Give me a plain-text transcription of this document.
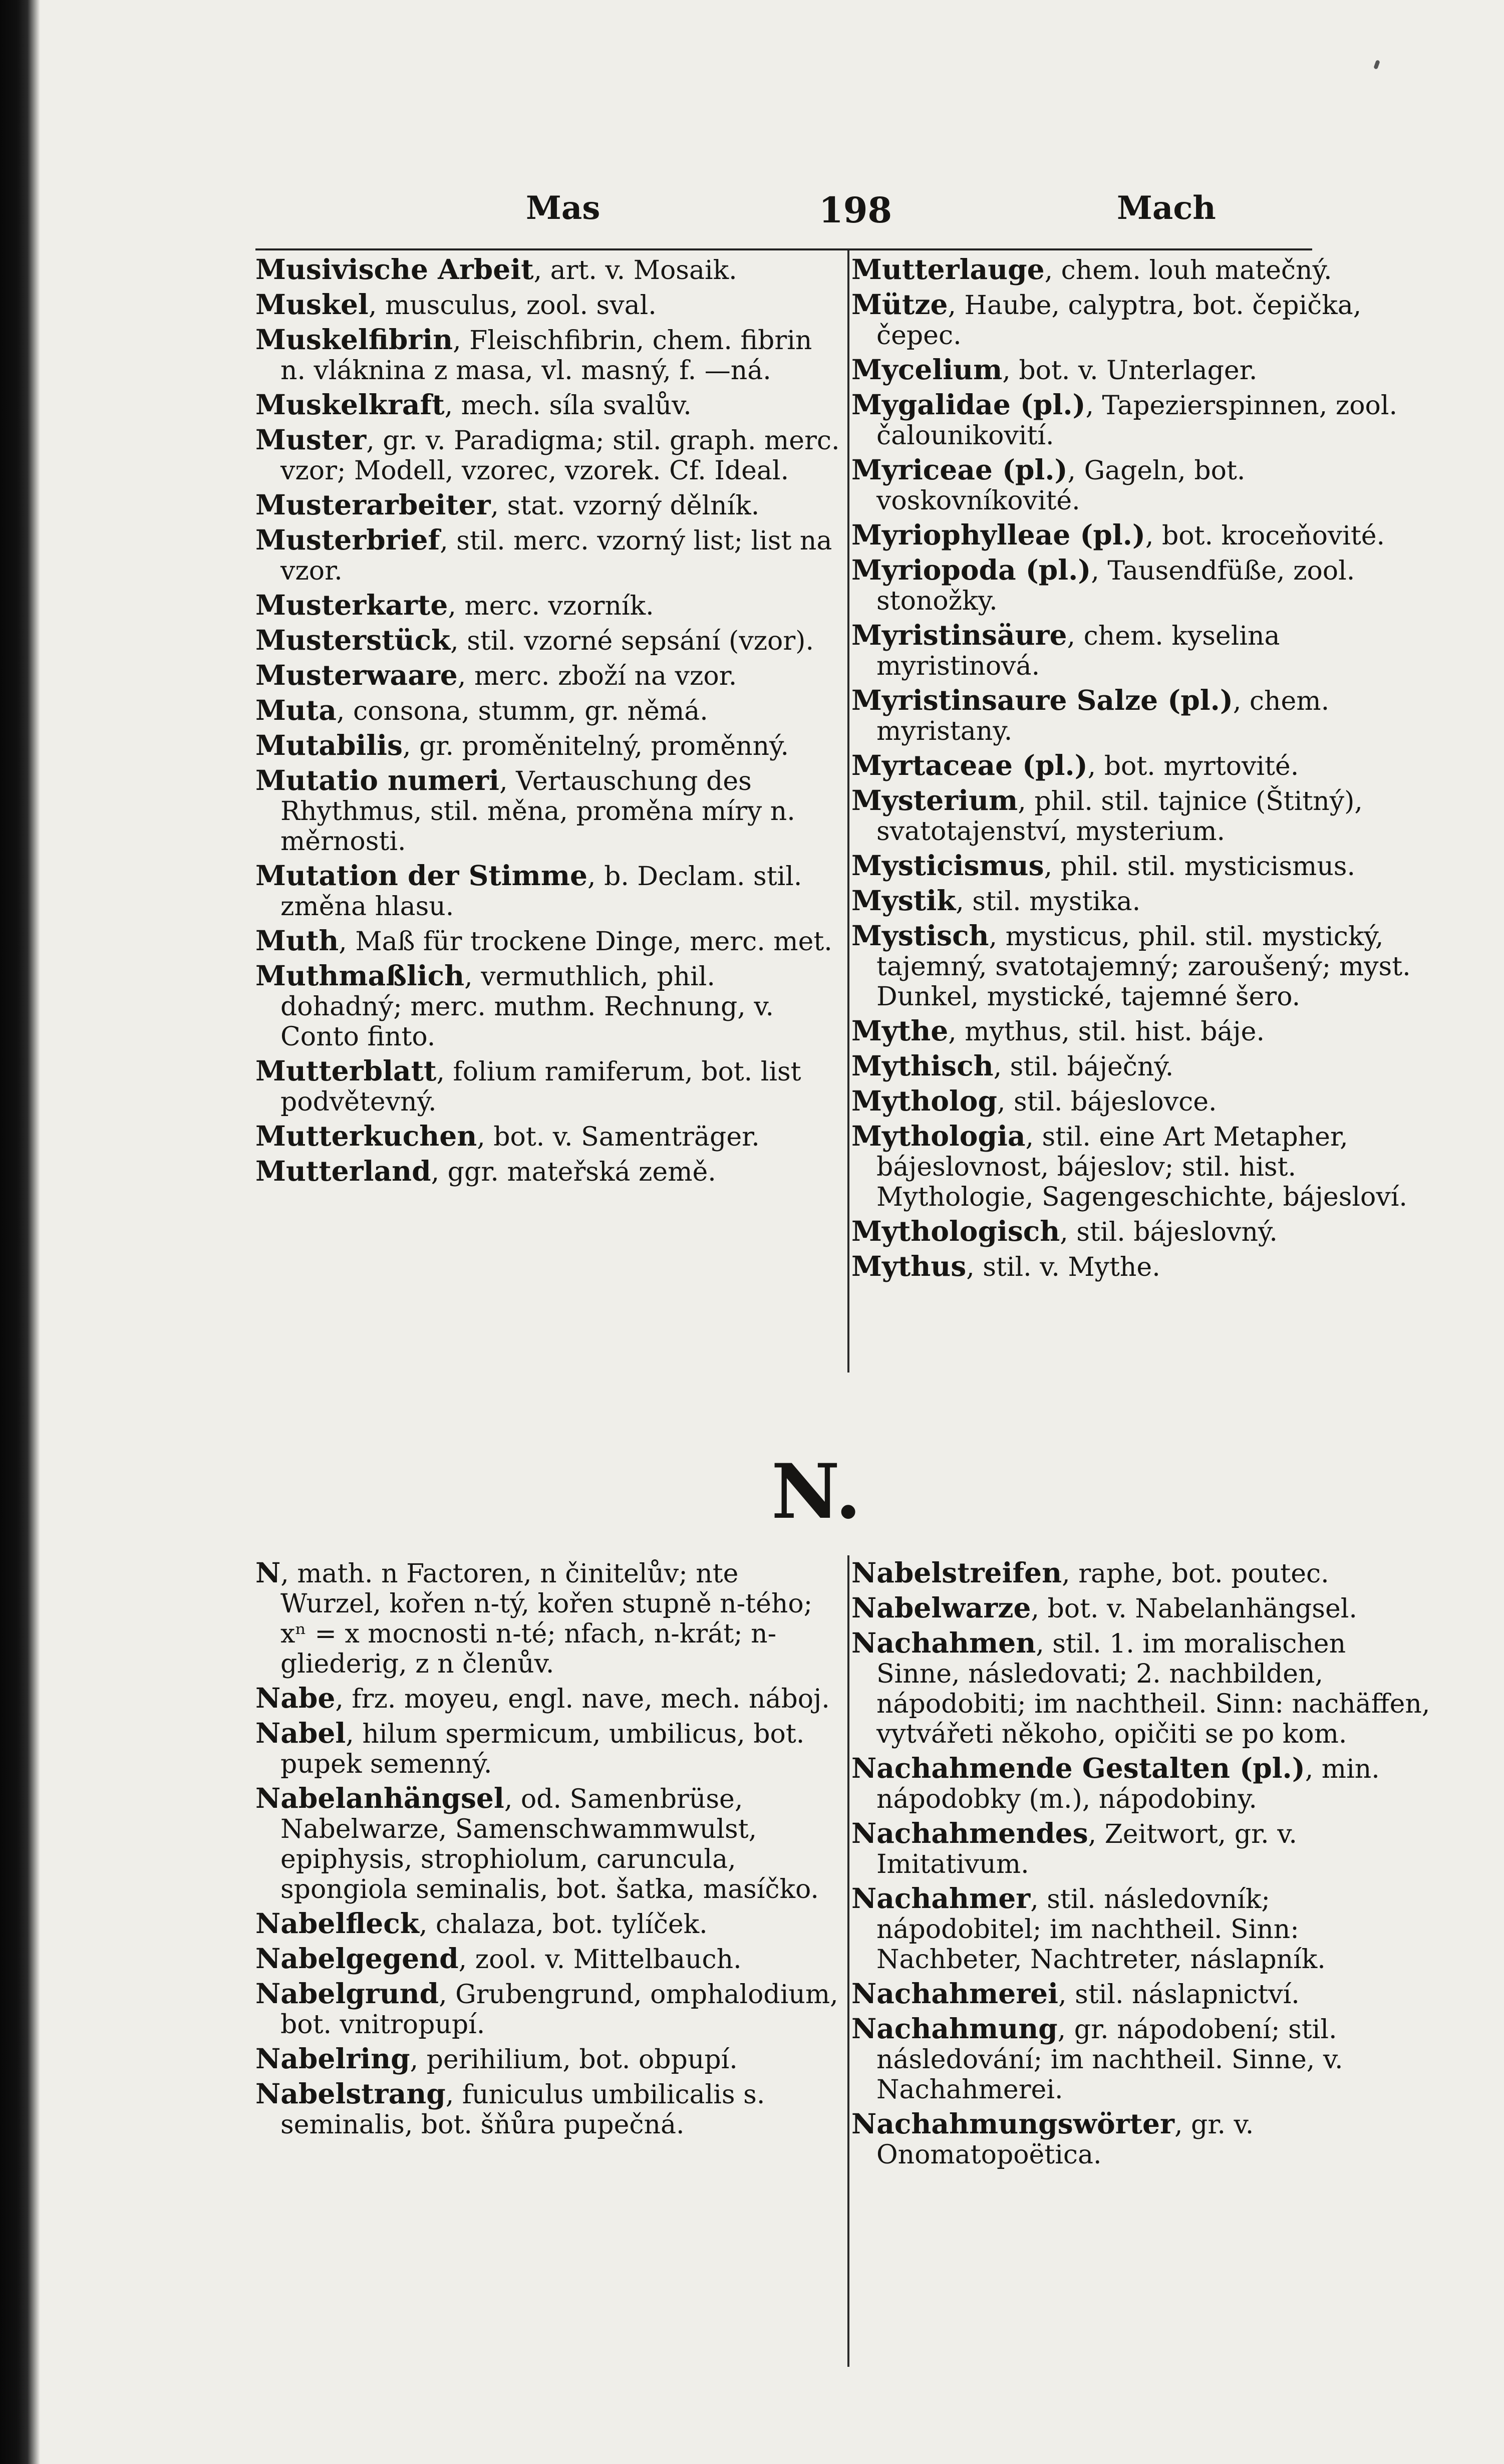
Mas	198	Mach
Musivische Arbeit, art. v. Mosaik.
Muskel, musculus, zool. sval.
Muskelfibrin, Fleischfibrin, chem. fibrin n. vláknina z masa, vl. masný, f. —ná.
Muskelkraft, mech. síla svalův.
Muster, gr. v. Paradigma; stil. graph. merc. vzor; Modell, vzorec, vzorek. Cf. Ideal.
Musterarbeiter, stat. vzorný dělník.
Musterbrief, stil. merc. vzorný list; list na vzor.
Musterkarte, merc. vzorník.
Musterstück, stil. vzorné sepsání (vzor).
Musterwaare, merc. zboží na vzor.
Muta, consona, stumm, gr. němá.
Mutabilis, gr. proměnitelný, proměnný.
Mutatio numeri, Vertauschung des Rhythmus, stil. měna, proměna míry n. měrnosti.
Mutation der Stimme, b. Declam. stil. změna hlasu.
Muth, Maß für trockene Dinge, merc. met.
Muthmaßlich, vermuthlich, phil. dohadný; merc. muthm. Rechnung, v. Conto finto.
Mutterblatt, folium ramiferum, bot. list podvětevný.
Mutterkuchen, bot. v. Samenträger.
Mutterland, ggr. mateřská země.
Mutterlauge, chem. louh matečný.
Mütze, Haube, calyptra, bot. čepička, čepec.
Mycelium, bot. v. Unterlager.
Mygalidae (pl.), Tapezierspinnen, zool. čalounikovití.
Myriceae (pl.), Gageln, bot. voskovníkovité.
Myriophylleae (pl.), bot. kroceňovité.
Myriopoda (pl.), Tausendfüße, zool. stonožky.
Myristinsäure, chem. kyselina myristinová.
Myristinsaure Salze (pl.), chem. myristany.
Myrtaceae (pl.), bot. myrtovité.
Mysterium, phil. stil. tajnice (Štitný), svatotajenství, mysterium.
Mysticismus, phil. stil. mysticismus.
Mystik, stil. mystika.
Mystisch, mysticus, phil. stil. mystický, tajemný, svatotajemný; zaroušený; myst. Dunkel, mystické, tajemné šero.
Mythe, mythus, stil. hist. báje.
Mythisch, stil. báječný.
Mytholog, stil. bájeslovce.
Mythologia, stil. eine Art Metapher, bájeslovnost, bájeslov; stil. hist. Mythologie, Sagengeschichte, bájesloví.
Mythologisch, stil. bájeslovný.
Mythus, stil. v. Mythe.
N.
N, math. n Factoren, n činitelův; nte Wurzel, kořen n-tý, kořen stupně n-tého; xⁿ = x mocnosti n-té; nfach, n-krát; n-gliederig, z n členův.
Nabe, frz. moyeu, engl. nave, mech. náboj.
Nabel, hilum spermicum, umbilicus, bot. pupek semenný.
Nabelanhängsel, od. Samenbrüse, Nabelwarze, Samenschwammwulst, epiphysis, strophiolum, caruncula, spongiola seminalis, bot. šatka, masíčko.
Nabelfleck, chalaza, bot. tylíček.
Nabelgegend, zool. v. Mittelbauch.
Nabelgrund, Grubengrund, omphalodium, bot. vnitropupí.
Nabelring, perihilium, bot. obpupí.
Nabelstrang, funiculus umbilicalis s. seminalis, bot. šňůra pupečná.
Nabelstreifen, raphe, bot. poutec.
Nabelwarze, bot. v. Nabelanhängsel.
Nachahmen, stil. 1. im moralischen Sinne, následovati; 2. nachbilden, nápodobiti; im nachtheil. Sinn: nachäffen, vytvářeti někoho, opičiti se po kom.
Nachahmende Gestalten (pl.), min. nápodobky (m.), nápodobiny.
Nachahmendes, Zeitwort, gr. v. Imitativum.
Nachahmer, stil. následovník; nápodobitel; im nachtheil. Sinn: Nachbeter, Nachtreter, náslapník.
Nachahmerei, stil. náslapnictví.
Nachahmung, gr. nápodobení; stil. následování; im nachtheil. Sinne, v. Nachahmerei.
Nachahmungswörter, gr. v. Onomatopoëtica.
